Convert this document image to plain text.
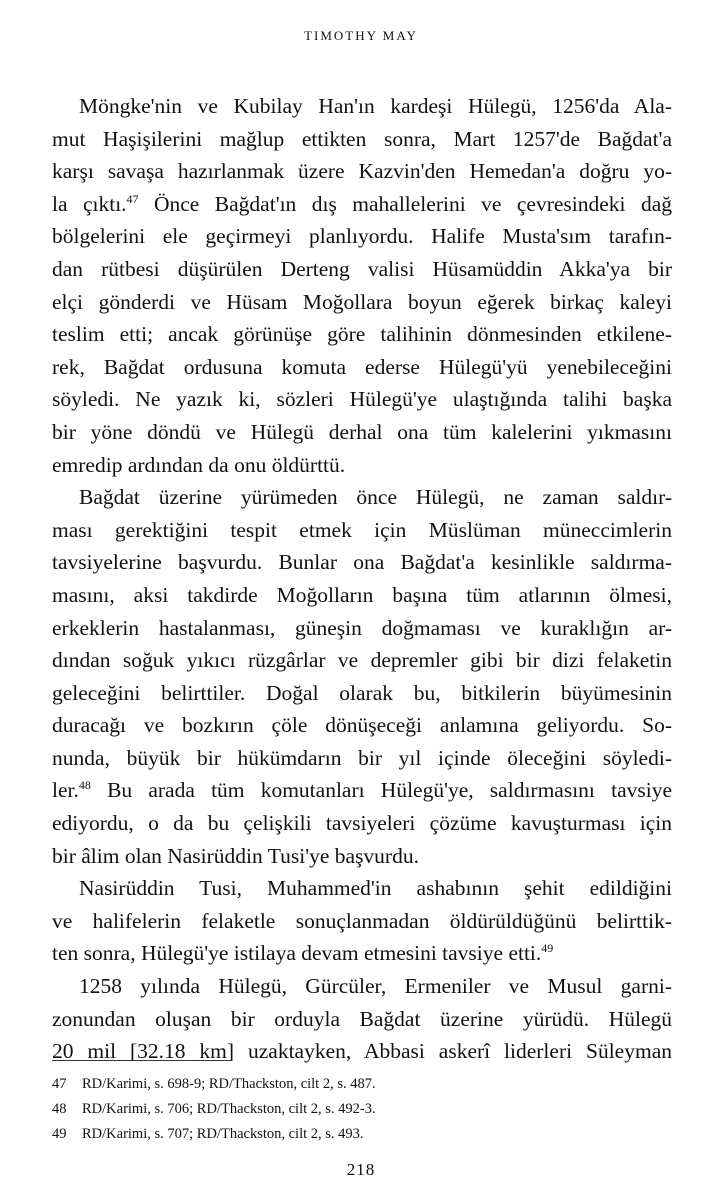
TIMOTHY MAY
Möngke'nin ve Kubilay Han'ın kardeşi Hülegü, 1256'da Ala-
mut Haşişilerini mağlup ettikten sonra, Mart 1257'de Bağdat'a
karşı savaşa hazırlanmak üzere Kazvin'den Hemedan'a doğru yo-
la çıktı.$^{47}$ Önce Bağdat'ın dış mahallelerini ve çevresindeki dağ
bölgelerini ele geçirmeyi planlıyordu. Halife Musta'sım tarafın-
dan rütbesi düşürülen Derteng valisi Hüsamüddin Akka'ya bir
elçi gönderdi ve Hüsam Moğollara boyun eğerek birkaç kaleyi
teslim etti; ancak görünüşe göre talihinin dönmesinden etkilene-
rek, Bağdat ordusuna komuta ederse Hülegü'yü yenebileceğini
söyledi. Ne yazık ki, sözleri Hülegü'ye ulaştığında talihi başka
bir yöne döndü ve Hülegü derhal ona tüm kalelerini yıkmasını
emredip ardından da onu öldürttü.
Bağdat üzerine yürümeden önce Hülegü, ne zaman saldır-
ması gerektiğini tespit etmek için Müslüman müneccimlerin
tavsiyelerine başvurdu. Bunlar ona Bağdat'a kesinlikle saldırma-
masını, aksi takdirde Moğolların başına tüm atlarının ölmesi,
erkeklerin hastalanması, güneşin doğmaması ve kuraklığın ar-
dından soğuk yıkıcı rüzgârlar ve depremler gibi bir dizi felaketin
geleceğini belirttiler. Doğal olarak bu, bitkilerin büyümesinin
duracağı ve bozkırın çöle dönüşeceği anlamına geliyordu. So-
nunda, büyük bir hükümdarın bir yıl içinde öleceğini söyledi-
ler.$^{48}$ Bu arada tüm komutanları Hülegü'ye, saldırmasını tavsiye
ediyordu, o da bu çelişkili tavsiyeleri çözüme kavuşturması için
bir âlim olan Nasirüddin Tusi'ye başvurdu.
Nasirüddin Tusi, Muhammed'in ashabının şehit edildiğini
ve halifelerin felaketle sonuçlanmadan öldürüldüğünü belirttik-
ten sonra, Hülegü'ye istilaya devam etmesini tavsiye etti.$^{49}$
1258 yılında Hülegü, Gürcüler, Ermeniler ve Musul garni-
zonundan oluşan bir orduyla Bağdat üzerine yürüdü. Hülegü
20 mil [32.18 km] uzaktayken, Abbasi askerî liderleri Süleyman
47 RD/Karimi, s. 698-9; RD/Thackston, cilt 2, s. 487.
48 RD/Karimi, s. 706; RD/Thackston, cilt 2, s. 492-3.
49 RD/Karimi, s. 707; RD/Thackston, cilt 2, s. 493.
218
